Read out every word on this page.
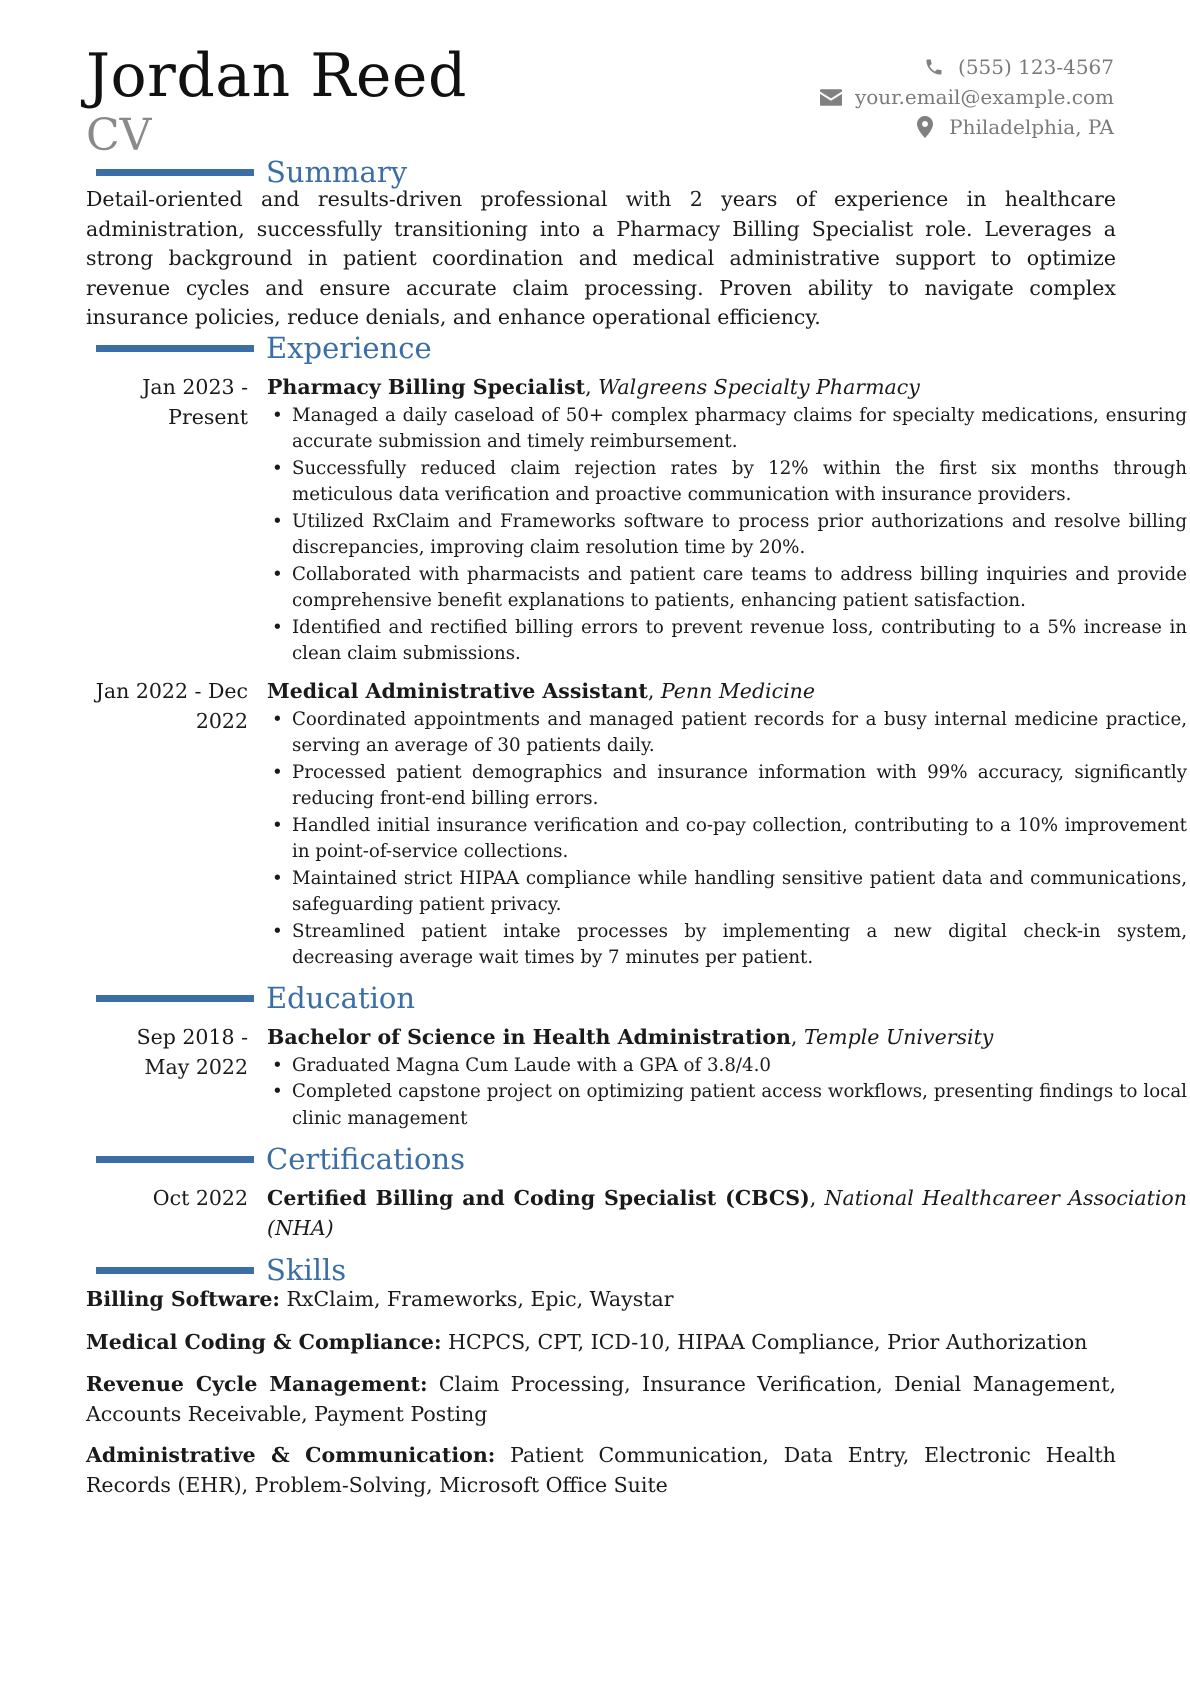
Jordan Reed
CV
(555) 123-4567
your.email@example.com
Philadelphia, PA
Summary
Detail-oriented and results-driven professional with 2 years of experience in healthcare administration, successfully transitioning into a Pharmacy Billing Specialist role. Leverages a strong background in patient coordination and medical administrative support to optimize revenue cycles and ensure accurate claim processing. Proven ability to navigate complex insurance policies, reduce denials, and enhance operational efficiency.
Experience
Jan 2023 - Present
Pharmacy Billing Specialist, Walgreens Specialty Pharmacy
• Managed a daily caseload of 50+ complex pharmacy claims for specialty medications, ensuring accurate submission and timely reimbursement.
• Successfully reduced claim rejection rates by 12% within the first six months through meticulous data verification and proactive communication with insurance providers.
• Utilized RxClaim and Frameworks software to process prior authorizations and resolve billing discrepancies, improving claim resolution time by 20%.
• Collaborated with pharmacists and patient care teams to address billing inquiries and provide comprehensive benefit explanations to patients, enhancing patient satisfaction.
• Identified and rectified billing errors to prevent revenue loss, contributing to a 5% increase in clean claim submissions.
Jan 2022 - Dec 2022
Medical Administrative Assistant, Penn Medicine
• Coordinated appointments and managed patient records for a busy internal medicine practice, serving an average of 30 patients daily.
• Processed patient demographics and insurance information with 99% accuracy, significantly reducing front-end billing errors.
• Handled initial insurance verification and co-pay collection, contributing to a 10% improvement in point-of-service collections.
• Maintained strict HIPAA compliance while handling sensitive patient data and communications, safeguarding patient privacy.
• Streamlined patient intake processes by implementing a new digital check-in system, decreasing average wait times by 7 minutes per patient.
Education
Sep 2018 - May 2022
Bachelor of Science in Health Administration, Temple University
• Graduated Magna Cum Laude with a GPA of 3.8/4.0
• Completed capstone project on optimizing patient access workflows, presenting findings to local clinic management
Certifications
Oct 2022 Certified Billing and Coding Specialist (CBCS), National Healthcareer Association (NHA)
Skills
Billing Software: RxClaim, Frameworks, Epic, Waystar
Medical Coding & Compliance: HCPCS, CPT, ICD-10, HIPAA Compliance, Prior Authorization
Revenue Cycle Management: Claim Processing, Insurance Verification, Denial Management, Accounts Receivable, Payment Posting
Administrative & Communication: Patient Communication, Data Entry, Electronic Health Records (EHR), Problem-Solving, Microsoft Office Suite
